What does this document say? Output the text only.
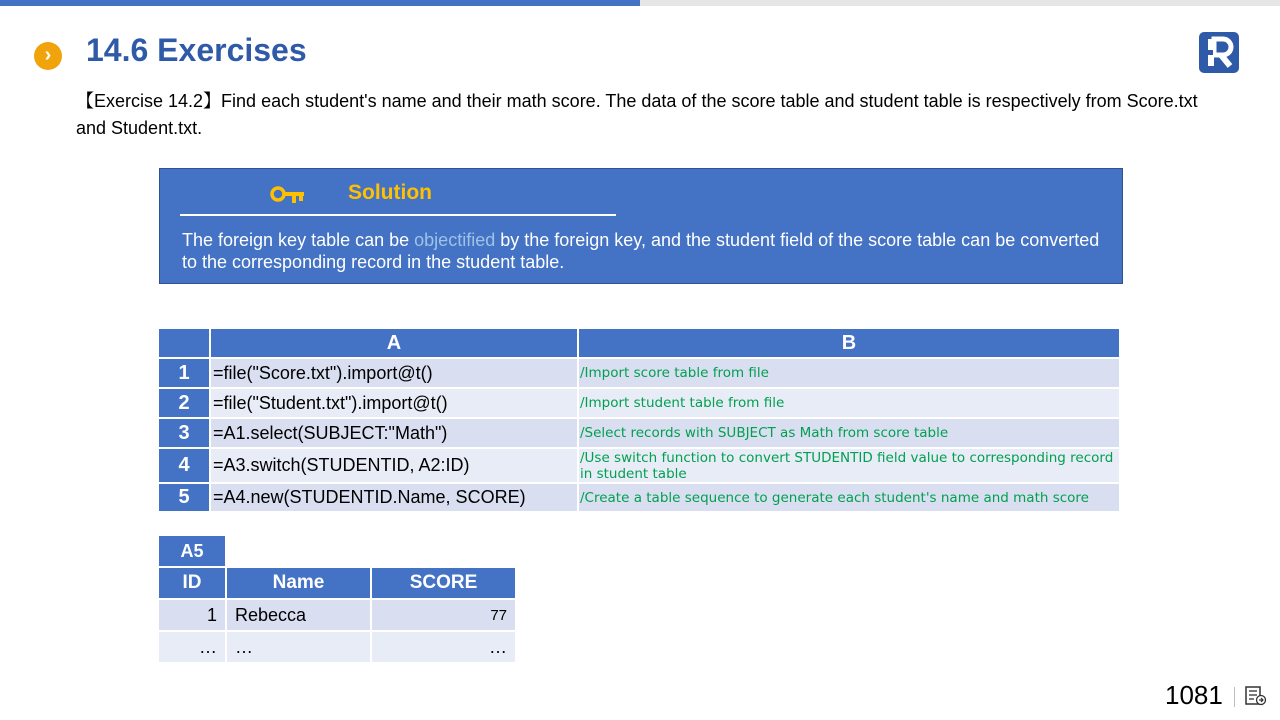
›	14.6 Exercises
【Exercise 14.2】Find each student's name and their math score. The data of the score table and student table is respectively from Score.txt and Student.txt.
Solution
The foreign key table can be objectified by the foreign key, and the student field of the score table can be converted to the corresponding record in the student table.
	A	B
1	=file("Score.txt").import@t()	/Import score table from file
2	=file("Student.txt").import@t()	/Import student table from file
3	=A1.select(SUBJECT:"Math")	/Select records with SUBJECT as Math from score table
4	=A3.switch(STUDENTID, A2:ID)	/Use switch function to convert STUDENTID field value to corresponding record in student table
5	=A4.new(STUDENTID.Name, SCORE)	/Create a table sequence to generate each student's name and math score
A5		
ID	Name	SCORE
1	Rebecca	77
…	…	…
1081
